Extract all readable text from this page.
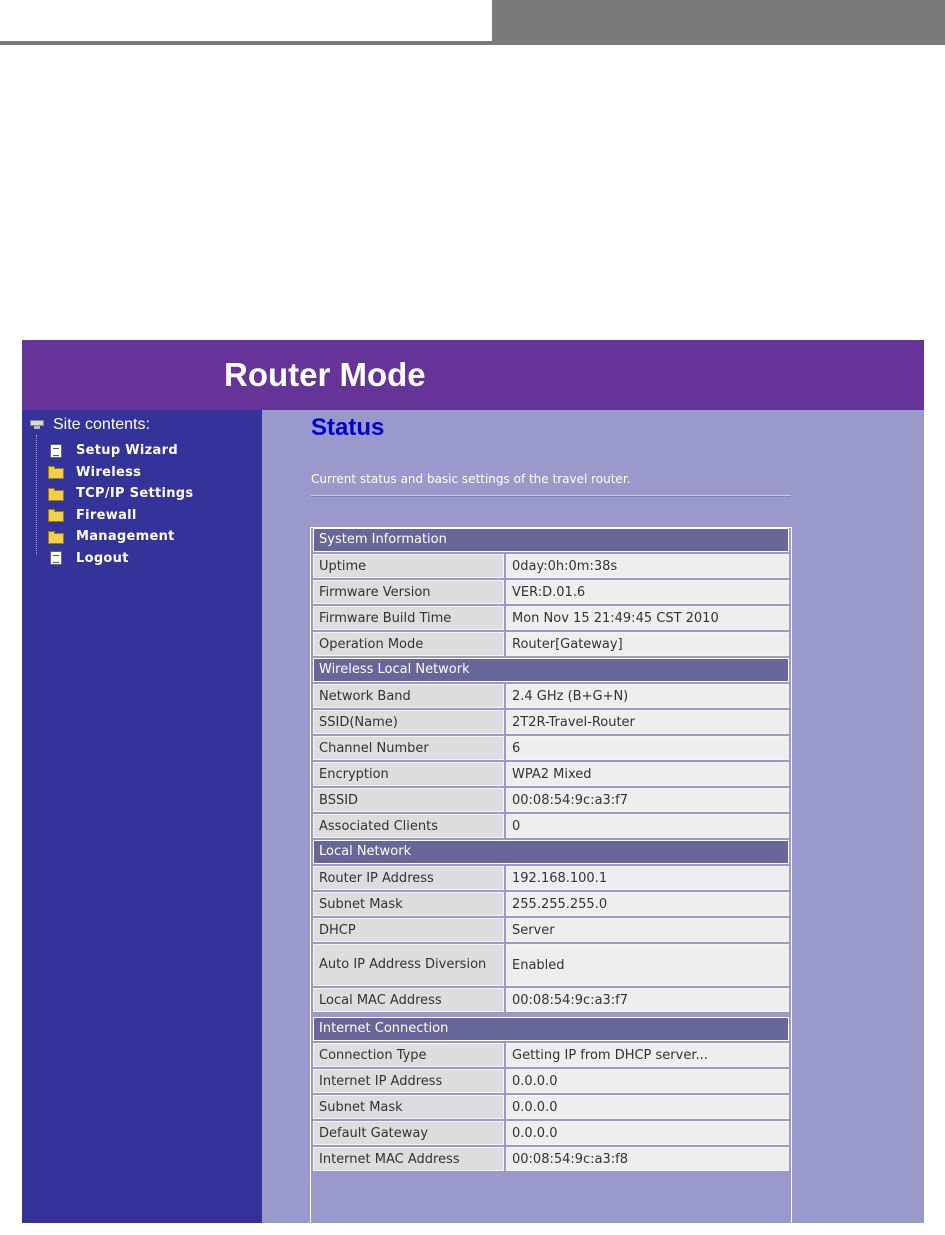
Router Mode
Site contents:
Setup Wizard
Wireless
TCP/IP Settings
Firewall
Management
Logout
Status
Current status and basic settings of the travel router.
System Information
Uptime	0day:0h:0m:38s
Firmware Version	VER:D.01.6
Firmware Build Time	Mon Nov 15 21:49:45 CST 2010
Operation Mode	Router[Gateway]
Wireless Local Network
Network Band	2.4 GHz (B+G+N)
SSID(Name)	2T2R-Travel-Router
Channel Number	6
Encryption	WPA2 Mixed
BSSID	00:08:54:9c:a3:f7
Associated Clients	0
Local Network
Router IP Address	192.168.100.1
Subnet Mask	255.255.255.0
DHCP	Server
Auto IP Address Diversion	Enabled
Local MAC Address	00:08:54:9c:a3:f7
Internet Connection
Connection Type	Getting IP from DHCP server...
Internet IP Address	0.0.0.0
Subnet Mask	0.0.0.0
Default Gateway	0.0.0.0
Internet MAC Address	00:08:54:9c:a3:f8
